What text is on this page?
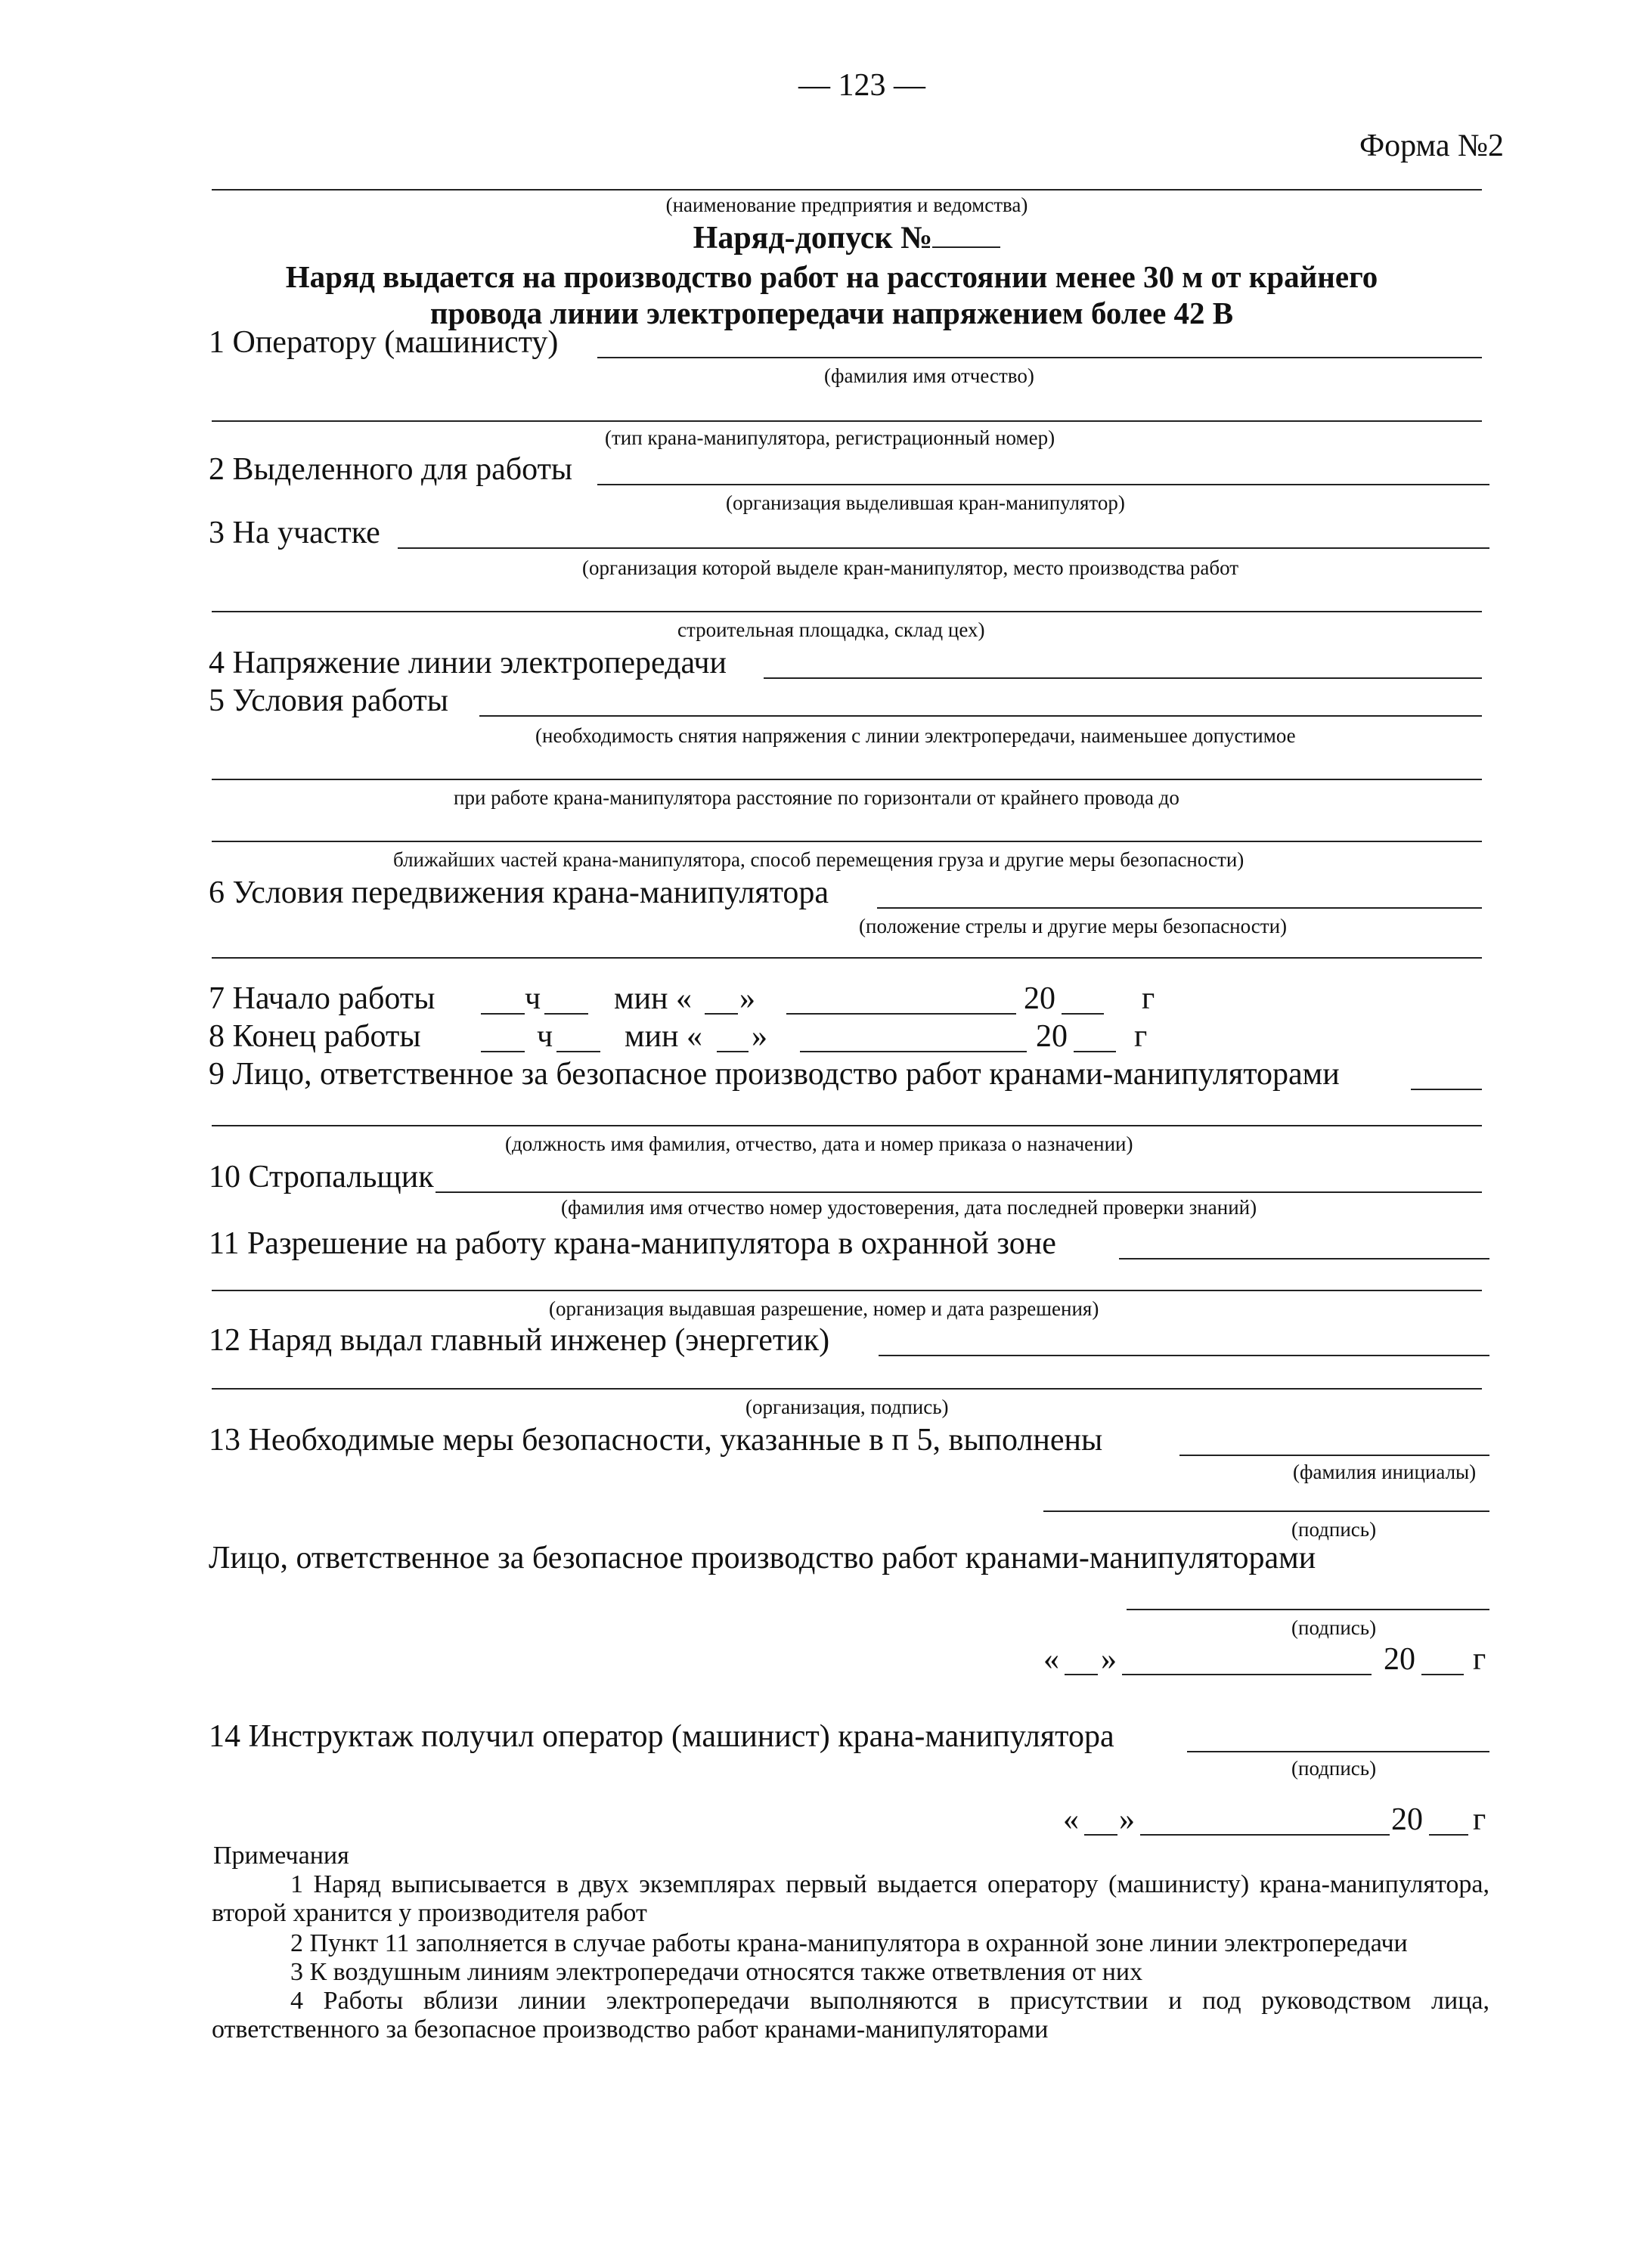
— 123 —
Форма №2
(наименование предприятия и ведомства)
Наряд-допуск №
Наряд выдается на производство работ на расстоянии менее 30 м от крайнего
провода линии электропередачи напряжением более 42 В
1 Оператору (машинисту)
(фамилия имя отчество)
(тип крана-манипулятора, регистрационный номер)
2 Выделенного для работы
(организация выделившая кран-манипулятор)
3 На участке
(организация которой выделе кран-манипулятор, место производства работ
строительная площадка, склад цех)
4 Напряжение линии электропередачи
5 Условия работы
(необходимость снятия напряжения с линии электропередачи, наименьшее допустимое
при работе крана-манипулятора расстояние по горизонтали от крайнего провода до
ближайших частей крана-манипулятора, способ перемещения груза и другие меры безопасности)
6 Условия передвижения крана-манипулятора
(положение стрелы и другие меры безопасности)
7 Начало работы	ч мин « »	20	г
8 Конец работы	ч мин « »	20 г
9 Лицо, ответственное за безопасное производство работ кранами-манипуляторами
(должность имя фамилия, отчество, дата и номер приказа о назначении)
10 Стропальщик
(фамилия имя отчество номер удостоверения, дата последней проверки знаний)
11 Разрешение на работу крана-манипулятора в охранной зоне
(организация выдавшая разрешение, номер и дата разрешения)
12 Наряд выдал главный инженер (энергетик)
(организация, подпись)
13 Необходимые меры безопасности, указанные в п 5, выполнены
(фамилия инициалы)
(подпись)
Лицо, ответственное за безопасное производство работ кранами-манипуляторами
(подпись)
« »	20 г
14 Инструктаж получил оператор (машинист) крана-манипулятора
(подпись)
« »	20 г
Примечания
1 Наряд выписывается в двух экземплярах первый выдается оператору (машинисту) крана-манипулятора, второй хранится у производителя работ
2 Пункт 11 заполняется в случае работы крана-манипулятора в охранной зоне линии электропередачи
3 К воздушным линиям электропередачи относятся также ответвления от них
4 Работы вблизи линии электропередачи выполняются в присутствии и под руководством лица, ответственного за безопасное производство работ кранами-манипуляторами
